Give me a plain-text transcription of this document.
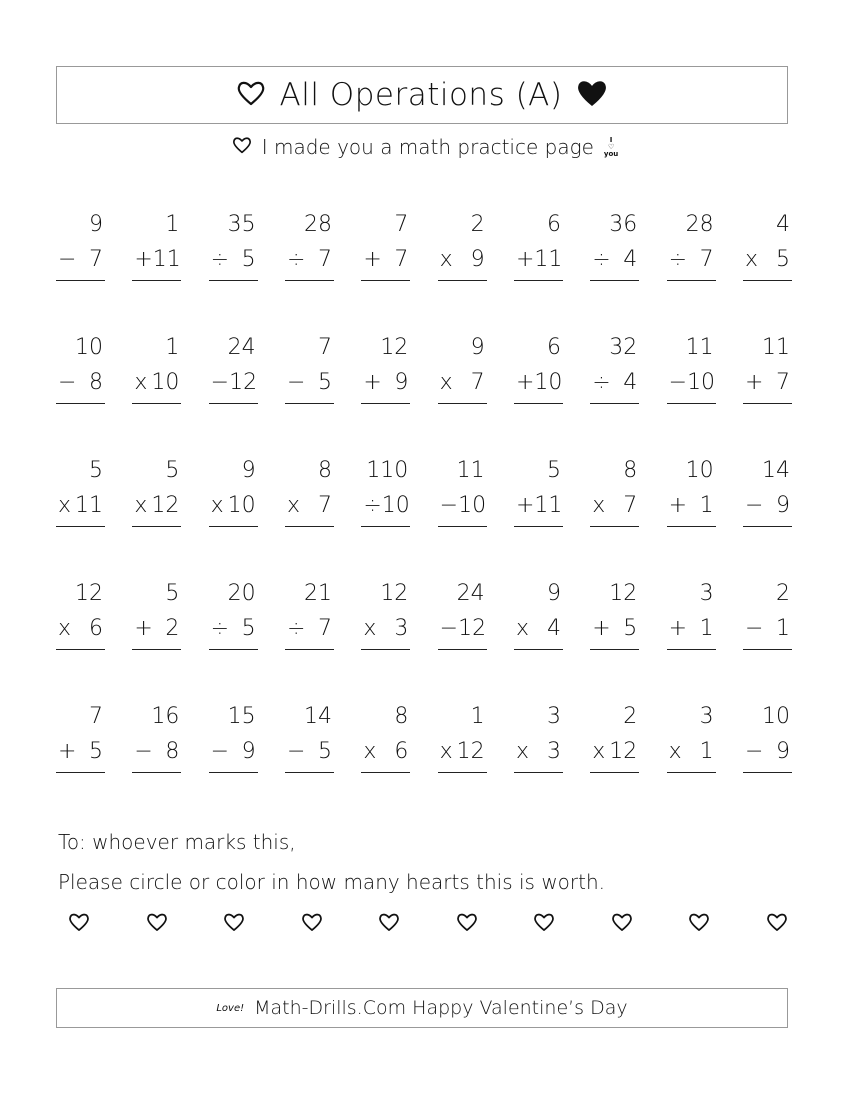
All Operations (A)
I made you a math practice page	I
♡
you
9
− 7
1
+ 11
35
÷ 5
28
÷ 7
7
+ 7
2
x 9
6
+ 11
36
÷ 4
28
÷ 7
4
x 5
10
− 8
1
x 10
24
− 12
7
− 5
12
+ 9
9
x 7
6
+ 10
32
÷ 4
11
− 10
11
+ 7
5
x 11
5
x 12
9
x 10
8
x 7
110
÷ 10
11
− 10
5
+ 11
8
x 7
10
+ 1
14
− 9
12
x 6
5
+ 2
20
÷ 5
21
÷ 7
12
x 3
24
− 12
9
x 4
12
+ 5
3
+ 1
2
− 1
7
+ 5
16
− 8
15
− 9
14
− 5
8
x 6
1
x 12
3
x 3
2
x 12
3
x 1
10
− 9
To: whoever marks this,
Please circle or color in how many hearts this is worth.
Love! Math-Drills.Com Happy Valentine’s Day
